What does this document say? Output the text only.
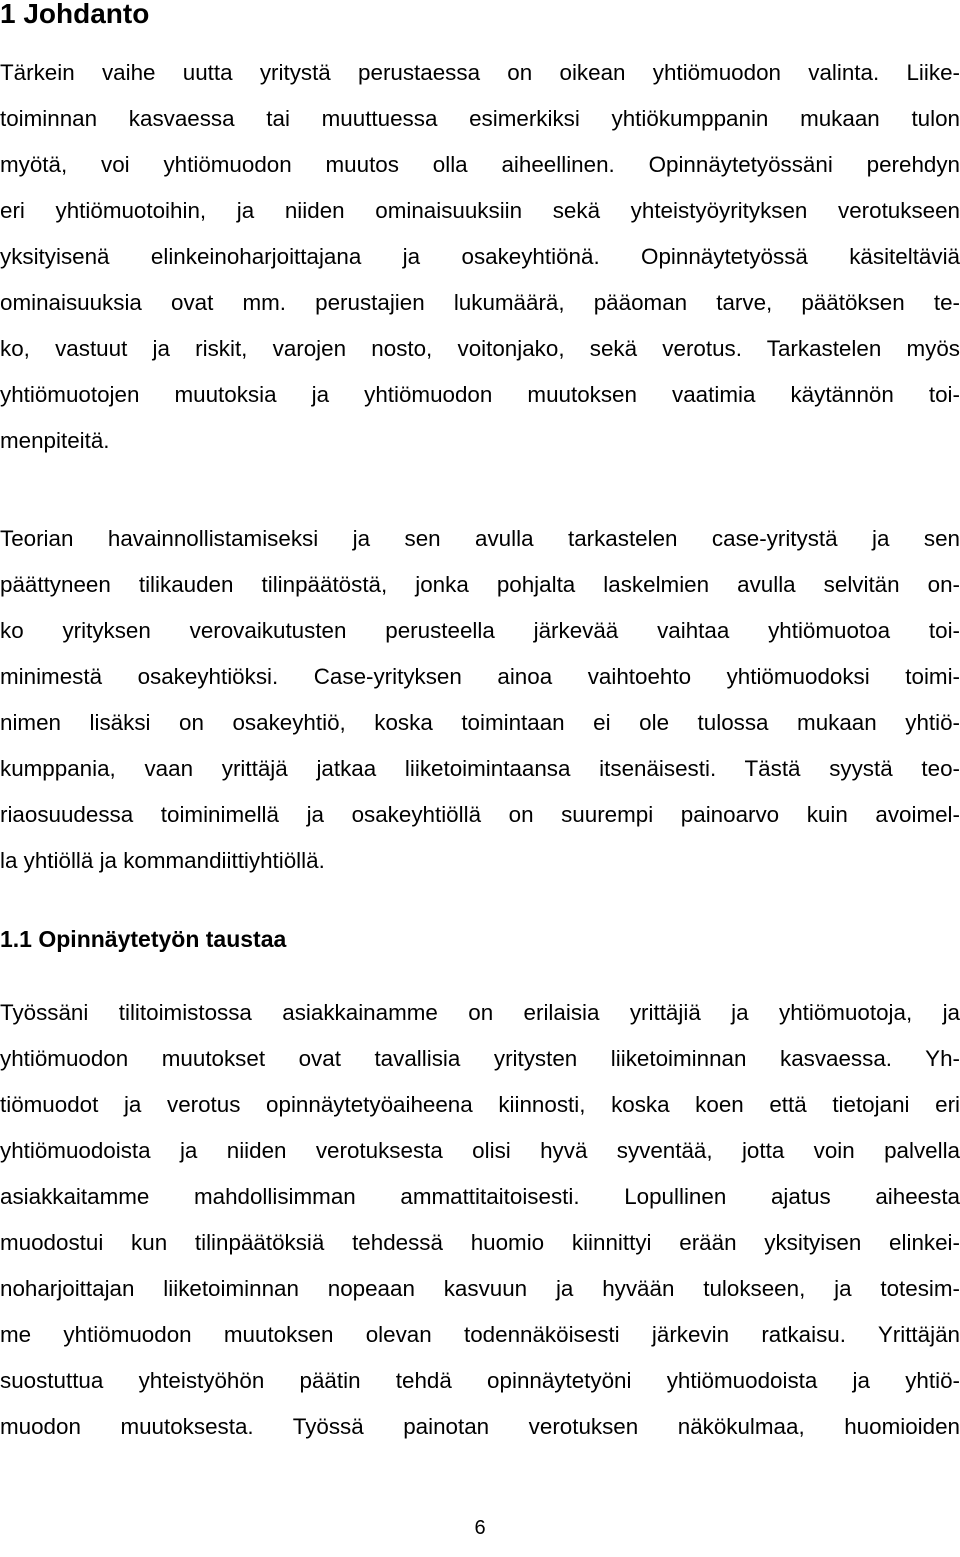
1 Johdanto
Tärkein vaihe uutta yritystä perustaessa on oikean yhtiömuodon valinta. Liike-
toiminnan kasvaessa tai muuttuessa esimerkiksi yhtiökumppanin mukaan tulon
myötä, voi yhtiömuodon muutos olla aiheellinen. Opinnäytetyössäni perehdyn
eri yhtiömuotoihin, ja niiden ominaisuuksiin sekä yhteistyöyrityksen verotukseen
yksityisenä elinkeinoharjoittajana ja osakeyhtiönä. Opinnäytetyössä käsiteltäviä
ominaisuuksia ovat mm. perustajien lukumäärä, pääoman tarve, päätöksen te-
ko, vastuut ja riskit, varojen nosto, voitonjako, sekä verotus. Tarkastelen myös
yhtiömuotojen muutoksia ja yhtiömuodon muutoksen vaatimia käytännön toi-
menpiteitä.
Teorian havainnollistamiseksi ja sen avulla tarkastelen case-yritystä ja sen
päättyneen tilikauden tilinpäätöstä, jonka pohjalta laskelmien avulla selvitän on-
ko yrityksen verovaikutusten perusteella järkevää vaihtaa yhtiömuotoa toi-
minimestä osakeyhtiöksi. Case-yrityksen ainoa vaihtoehto yhtiömuodoksi toimi-
nimen lisäksi on osakeyhtiö, koska toimintaan ei ole tulossa mukaan yhtiö-
kumppania, vaan yrittäjä jatkaa liiketoimintaansa itsenäisesti. Tästä syystä teo-
riaosuudessa toiminimellä ja osakeyhtiöllä on suurempi painoarvo kuin avoimel-
la yhtiöllä ja kommandiittiyhtiöllä.
1.1 Opinnäytetyön taustaa
Työssäni tilitoimistossa asiakkainamme on erilaisia yrittäjiä ja yhtiömuotoja, ja
yhtiömuodon muutokset ovat tavallisia yritysten liiketoiminnan kasvaessa. Yh-
tiömuodot ja verotus opinnäytetyöaiheena kiinnosti, koska koen että tietojani eri
yhtiömuodoista ja niiden verotuksesta olisi hyvä syventää, jotta voin palvella
asiakkaitamme mahdollisimman ammattitaitoisesti. Lopullinen ajatus aiheesta
muodostui kun tilinpäätöksiä tehdessä huomio kiinnittyi erään yksityisen elinkei-
noharjoittajan liiketoiminnan nopeaan kasvuun ja hyvään tulokseen, ja totesim-
me yhtiömuodon muutoksen olevan todennäköisesti järkevin ratkaisu. Yrittäjän
suostuttua yhteistyöhön päätin tehdä opinnäytetyöni yhtiömuodoista ja yhtiö-
muodon muutoksesta. Työssä painotan verotuksen näkökulmaa, huomioiden
6
